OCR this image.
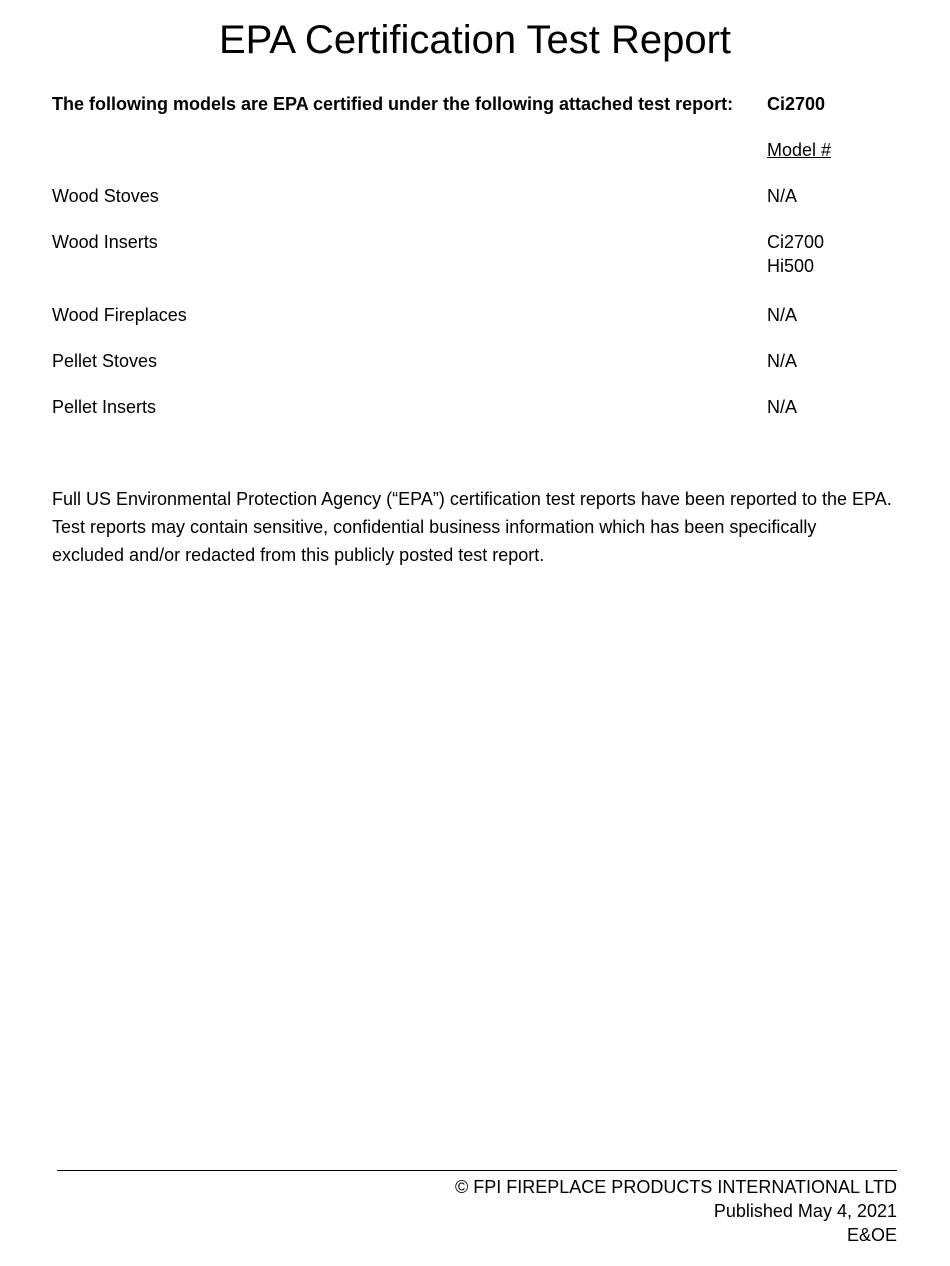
EPA Certification Test Report
The following models are EPA certified under the following attached test report: Ci2700
Model #
Wood Stoves	N/A
Wood Inserts	Ci2700
Hi500
Wood Fireplaces	N/A
Pellet Stoves	N/A
Pellet Inserts	N/A

Full US Environmental Protection Agency (“EPA”) certification test reports have been reported to the EPA. Test reports may contain sensitive, confidential business information which has been specifically excluded and/or redacted from this publicly posted test report.

© FPI FIREPLACE PRODUCTS INTERNATIONAL LTD
Published May 4, 2021
E&OE
